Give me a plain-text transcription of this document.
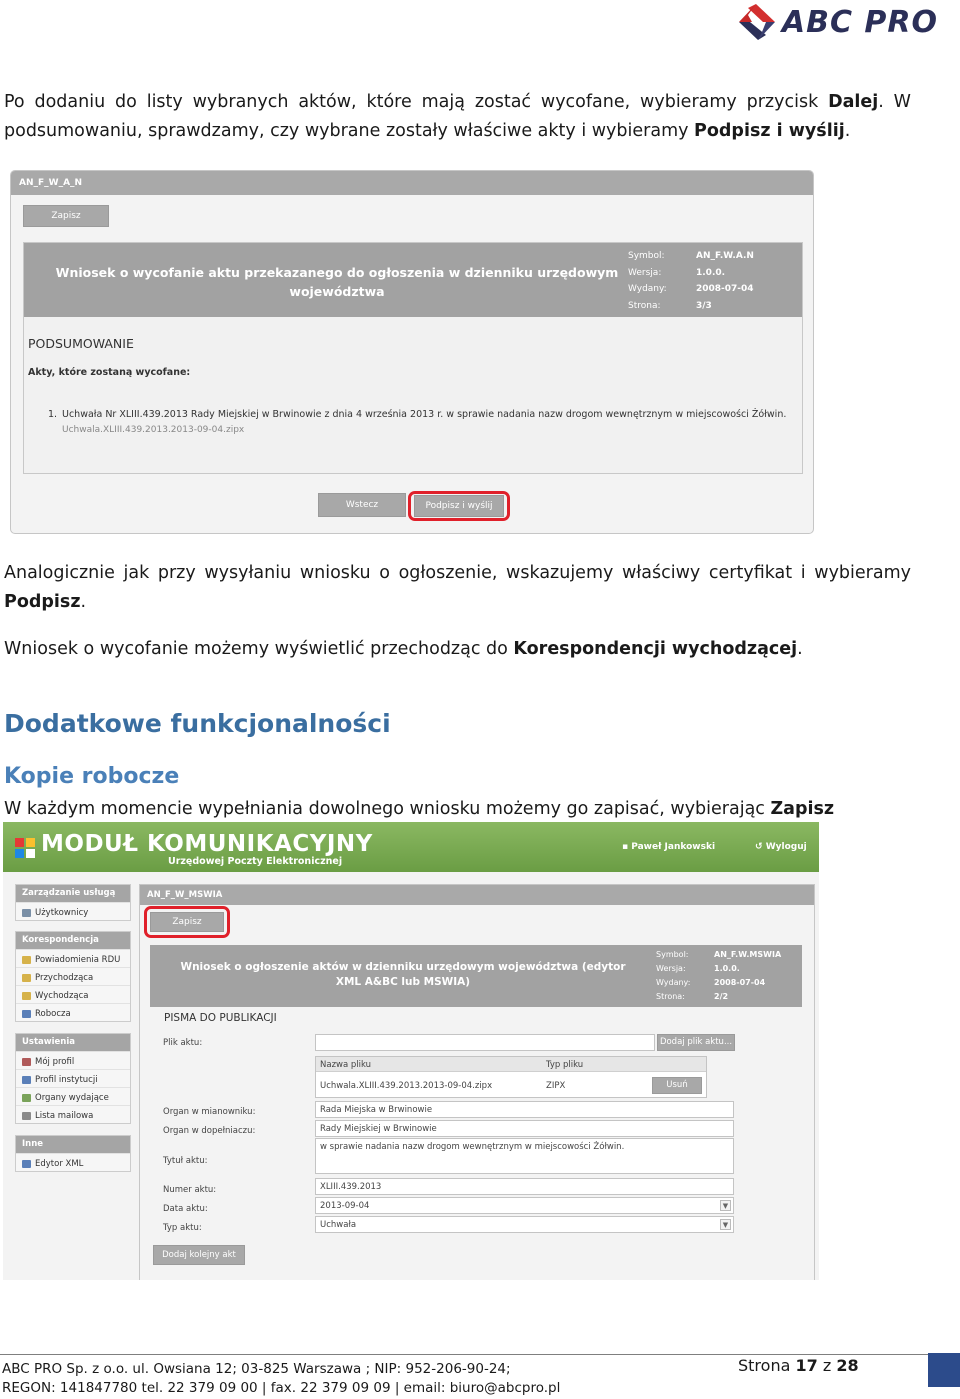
ABC PRO
Po dodaniu do listy wybranych aktów, które mają zostać wycofane, wybieramy przycisk Dalej. W podsumowaniu, sprawdzamy, czy wybrane zostały właściwe akty i wybieramy Podpisz i wyślij.
AN_F_W_A_N
Zapisz
Wniosek o wycofanie aktu przekazanego do ogłoszenia w dzienniku urzędowym województwa
Symbol:	AN_F.W.A.N
Wersja:	1.0.0.
Wydany:	2008-07-04
Strona:	3/3
PODSUMOWANIE
Akty, które zostaną wycofane:
1. Uchwała Nr XLIII.439.2013 Rady Miejskiej w Brwinowie z dnia 4 września 2013 r. w sprawie nadania nazw drogom wewnętrznym w miejscowości Żółwin.
Uchwala.XLIII.439.2013.2013-09-04.zipx
Wstecz	Podpisz i wyślij
Analogicznie jak przy wysyłaniu wniosku o ogłoszenie, wskazujemy właściwy certyfikat i wybieramy Podpisz.
Wniosek o wycofanie możemy wyświetlić przechodząc do Korespondencji wychodzącej.
Dodatkowe funkcjonalności
Kopie robocze
W każdym momencie wypełniania dowolnego wniosku możemy go zapisać, wybierając Zapisz
MODUŁ KOMUNIKACYJNY
Urzędowej Poczty Elektronicznej
▪ Paweł Jankowski	↺ Wyloguj
Zarządzanie usługą
Użytkownicy
Korespondencja
Powiadomienia RDU
Przychodząca
Wychodząca
Robocza
Ustawienia
Mój profil
Profil instytucji
Organy wydające
Lista mailowa
Inne
Edytor XML
AN_F_W_MSWIA
Zapisz
Wniosek o ogłoszenie aktów w dzienniku urzędowym województwa (edytor XML A&BC lub MSWIA)
Symbol:	AN_F.W.MSWIA
Wersja:	1.0.0.
Wydany:	2008-07-04
Strona:	2/2
PISMA DO PUBLIKACJI
Plik aktu:	Dodaj plik aktu...
Nazwa pliku	Typ pliku
Uchwala.XLIII.439.2013.2013-09-04.zipx	ZIPX	Usuń
Organ w mianowniku:	Rada Miejska w Brwinowie
Organ w dopełniaczu:	Rady Miejskiej w Brwinowie
Tytuł aktu:
w sprawie nadania nazw drogom wewnętrznym w miejscowości Żółwin.
Numer aktu:	XLIII.439.2013
Data aktu:	2013-09-04	▼
Typ aktu:	Uchwała	▼
Dodaj kolejny akt
ABC PRO Sp. z o.o. ul. Owsiana 12; 03-825 Warszawa ; NIP: 952-206-90-24;
REGON: 141847780 tel. 22 379 09 00 | fax. 22 379 09 09 | email: biuro@abcpro.pl
Strona 17 z 28
